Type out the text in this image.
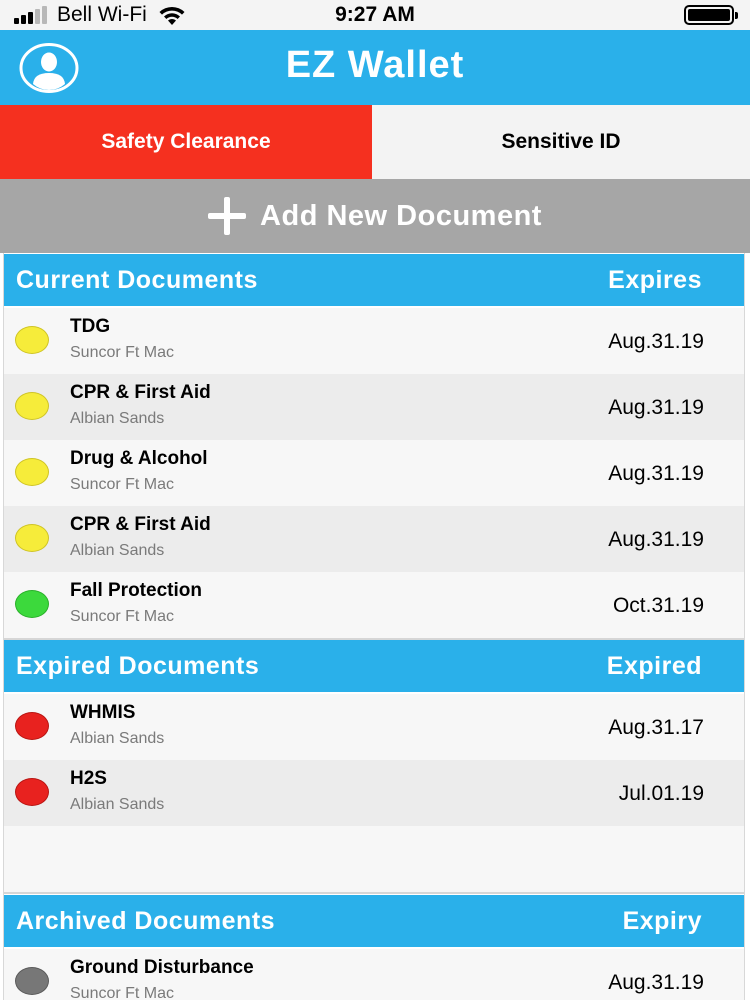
Bell Wi-Fi	9:27 AM
EZ Wallet
Safety Clearance	Sensitive ID
Add New Document
Current Documents	Expires
TDG
Suncor Ft Mac	Aug.31.19
CPR & First Aid
Albian Sands	Aug.31.19
Drug & Alcohol
Suncor Ft Mac	Aug.31.19
CPR & First Aid
Albian Sands	Aug.31.19
Fall Protection
Suncor Ft Mac	Oct.31.19
Expired Documents	Expired
WHMIS
Albian Sands	Aug.31.17
H2S
Albian Sands	Jul.01.19
Archived Documents	Expiry
Ground Disturbance
Suncor Ft Mac	Aug.31.19
